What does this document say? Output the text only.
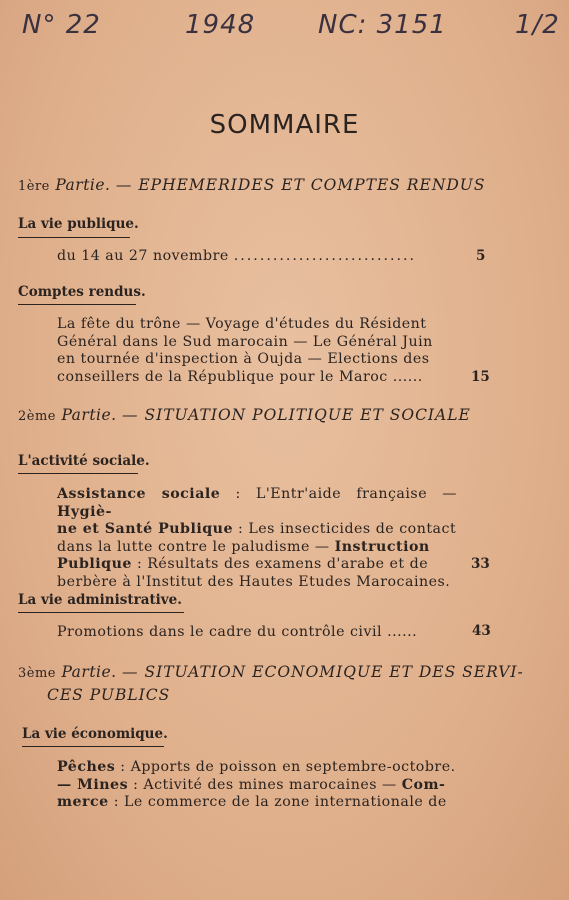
N° 22	1948 NC: 3151	1/2
SOMMAIRE
1ère Partie. — EPHEMERIDES ET COMPTES RENDUS
La vie publique.
du 14 au 27 novembre ............................	5
Comptes rendus.
La fête du trône — Voyage d'études du Résident
Général dans le Sud marocain — Le Général Juin
en tournée d'inspection à Oujda — Elections des
conseillers de la République pour le Maroc ......	15
2ème Partie. — SITUATION POLITIQUE ET SOCIALE
L'activité sociale.
Assistance sociale : L'Entr'aide française — Hygiè-
ne et Santé Publique : Les insecticides de contact
dans la lutte contre le paludisme — Instruction
Publique : Résultats des examens d'arabe et de
berbère à l'Institut des Hautes Etudes Marocaines.
33
La vie administrative.
Promotions dans le cadre du contrôle civil ......	43
3ème Partie. — SITUATION ECONOMIQUE ET DES SERVI-
CES PUBLICS
La vie économique.
Pêches : Apports de poisson en septembre-octobre.
— Mines : Activité des mines marocaines — Com-
merce : Le commerce de la zone internationale de
